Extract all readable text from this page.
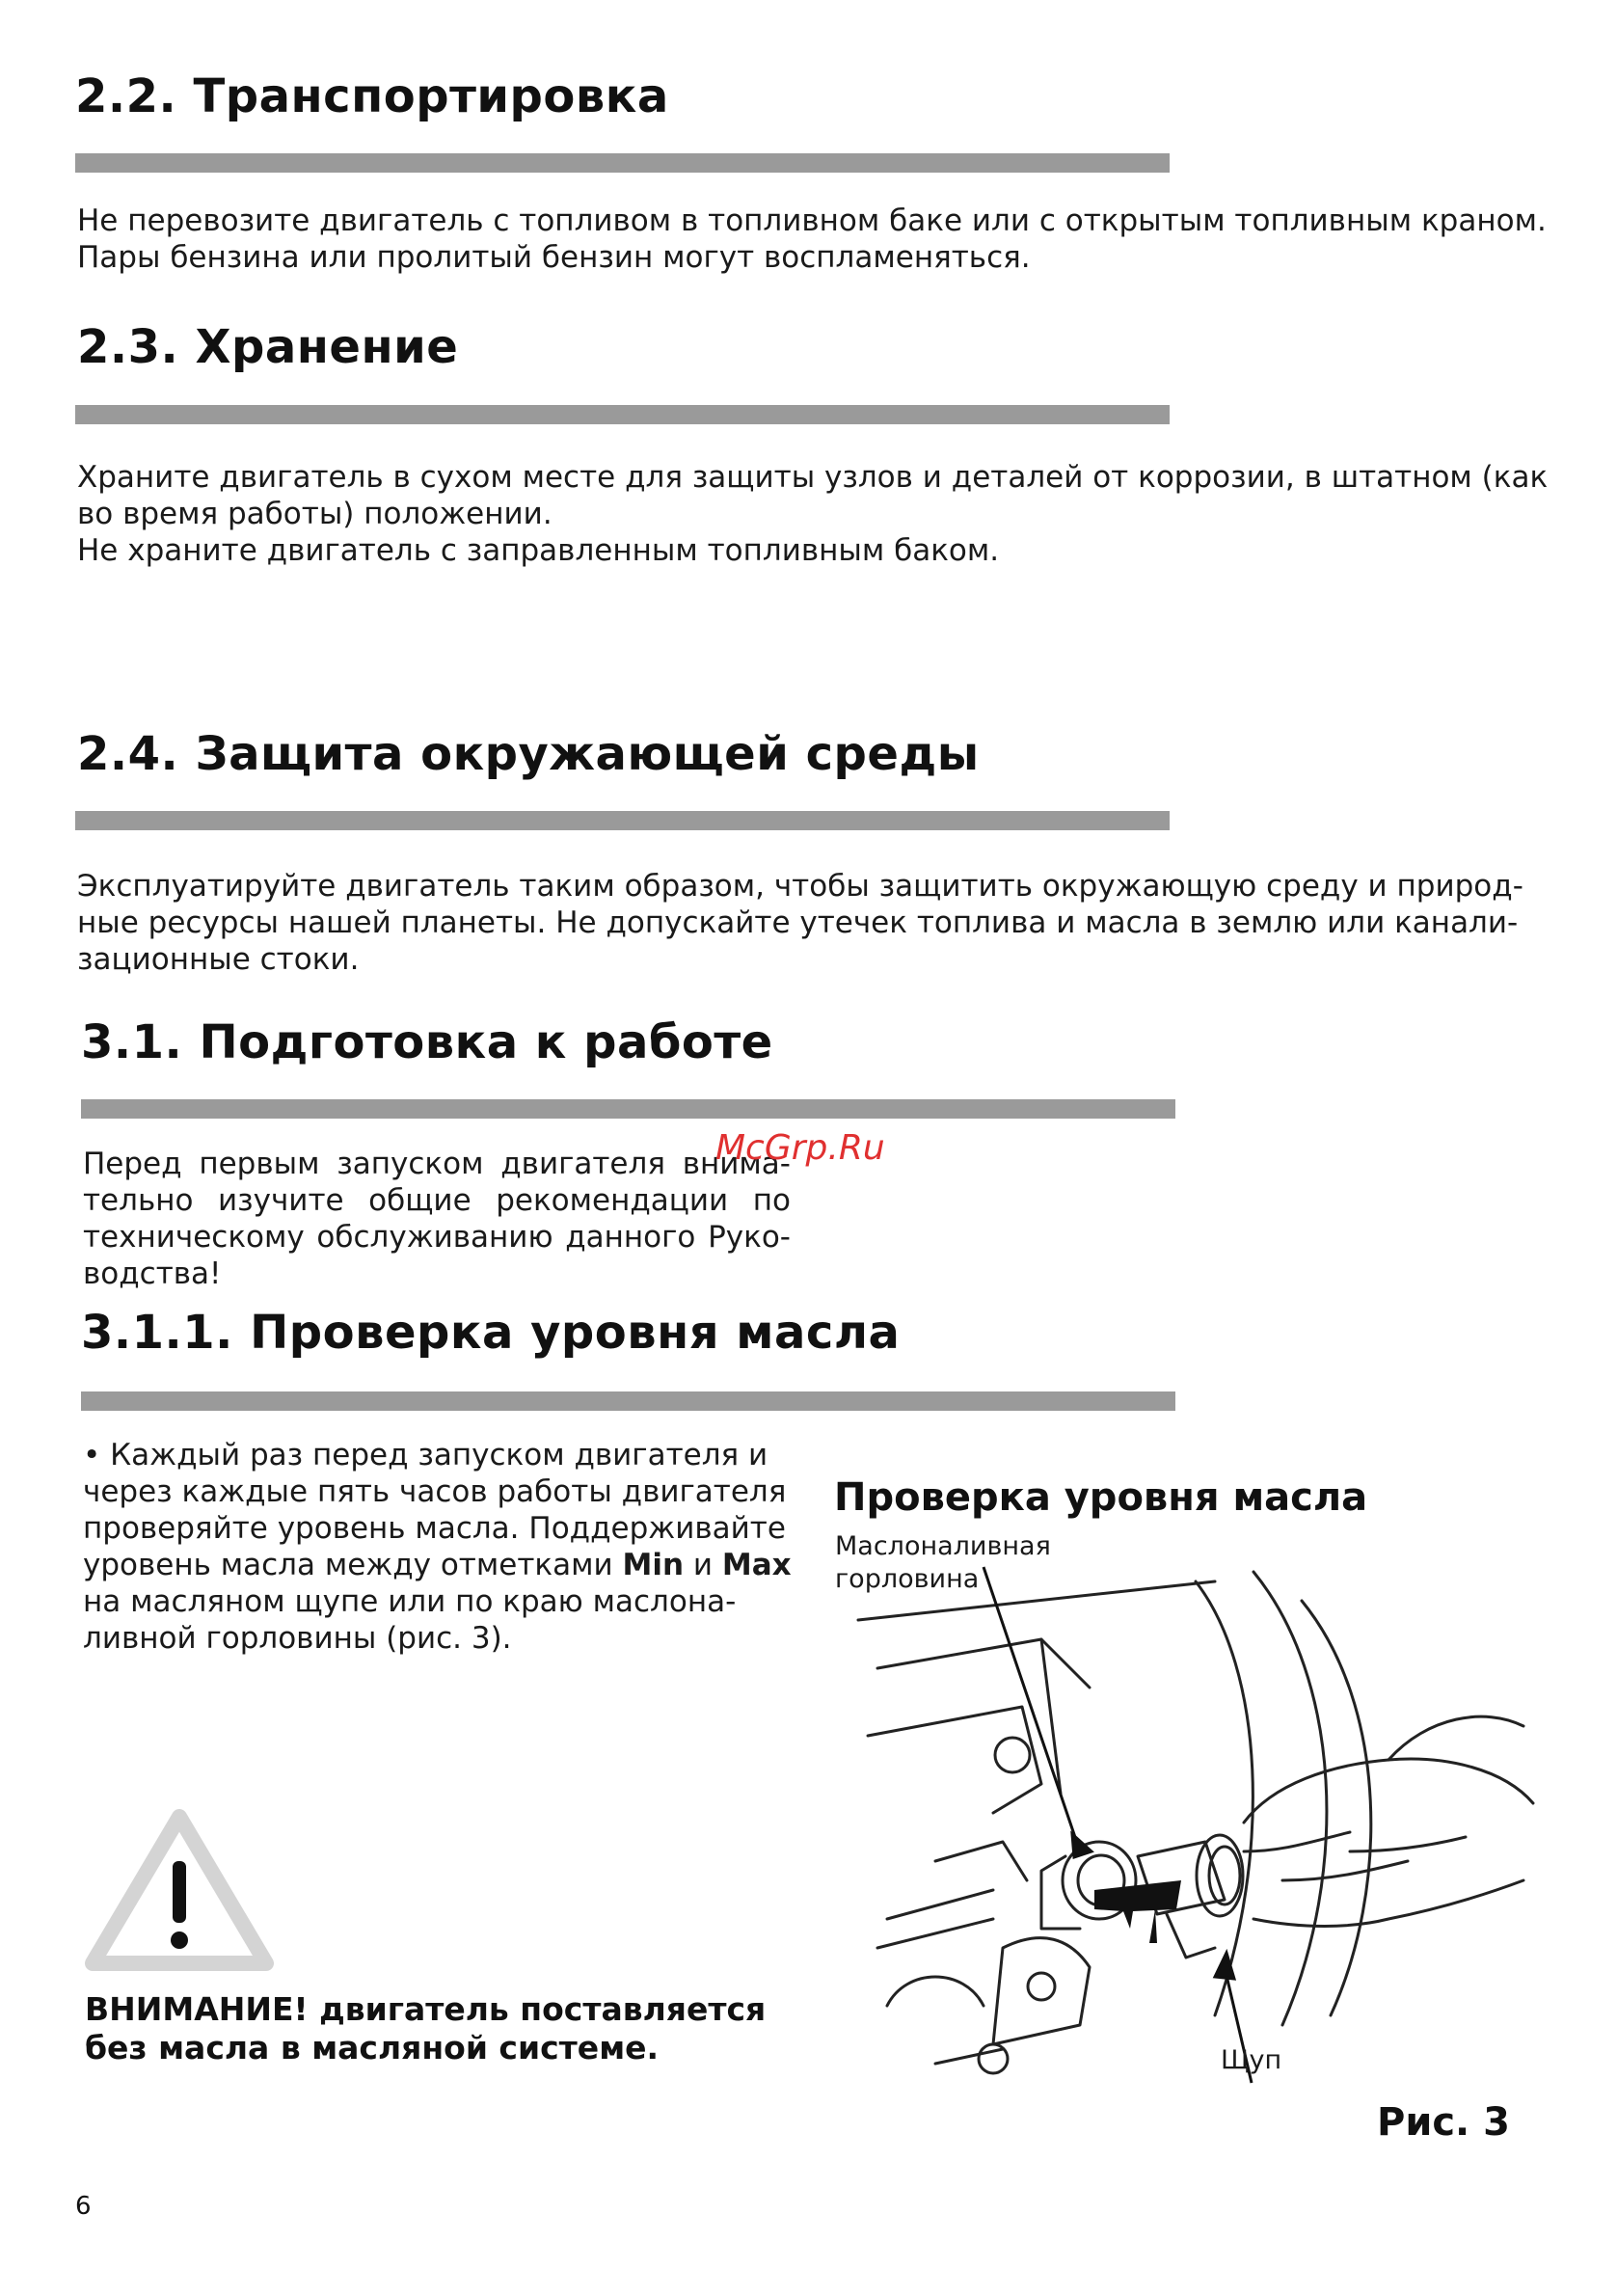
2.2. Транспортировка
Не перевозите двигатель с топливом в топливном баке или с открытым топливным краном.
Пары бензина или пролитый бензин могут воспламеняться.
2.3. Хранение
Храните двигатель в сухом месте для защиты узлов и деталей от коррозии, в штатном (как
во время работы) положении.
Не храните двигатель с заправленным топливным баком.
2.4. Защита окружающей среды
Эксплуатируйте двигатель таким образом, чтобы защитить окружающую среду и природ-
ные ресурсы нашей планеты. Не допускайте утечек топлива и масла в землю или канали-
зационные стоки.
3.1. Подготовка к работе
Перед первым запуском двигателя внима-
тельно изучите общие рекомендации по
техническому обслуживанию данного Руко-
водства!
McGrp.Ru
3.1.1. Проверка уровня масла
• Каждый раз перед запуском двигателя и
через каждые пять часов работы двигателя
проверяйте уровень масла. Поддерживайте
уровень масла между отметками Min и Max
на масляном щупе или по краю маслона-
ливной горловины (рис. 3).

ВНИМАНИЕ! двигатель поставляется
без масла в масляной системе.

Проверка уровня масла

Маслоналивная
горловина

Щуп

Рис. 3

6
